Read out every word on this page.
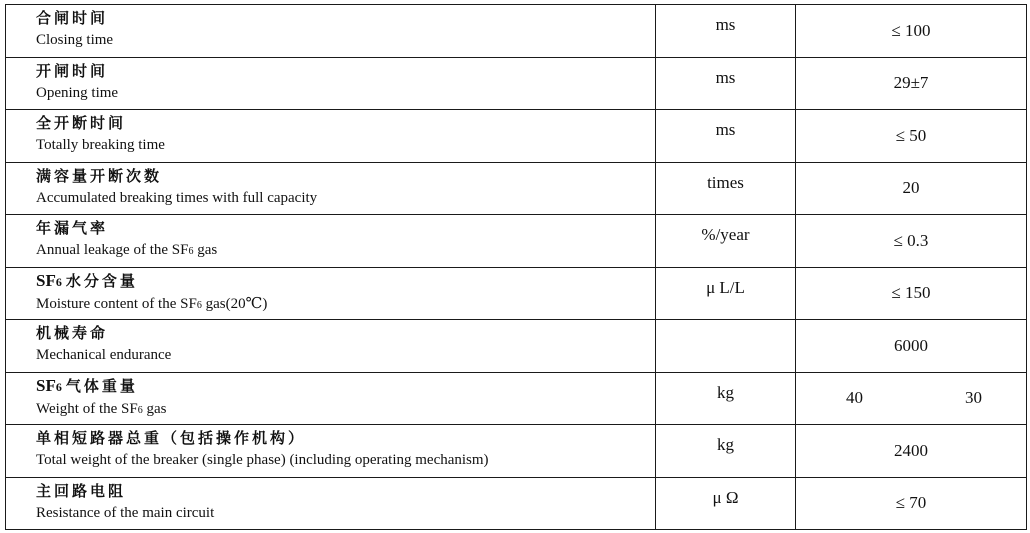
合闸时间
Closing time	ms	≤ 100

开闸时间
Opening time	ms	29±7

全开断时间
Totally breaking time	ms	≤ 50

满容量开断次数
Accumulated breaking times with full capacity	times	20

年漏气率
Annual leakage of the SF6 gas	%/year	≤ 0.3

SF6 水分含量
Moisture content of the SF6 gas(20℃)	μ L/L	≤ 150

机械寿命
Mechanical endurance		6000

SF6 气体重量
Weight of the SF6 gas	kg	40 30

单相短路器总重（包括操作机构）
Total weight of the breaker (single phase) (including operating mechanism)	kg	2400

主回路电阻
Resistance of the main circuit	μ Ω	≤ 70
